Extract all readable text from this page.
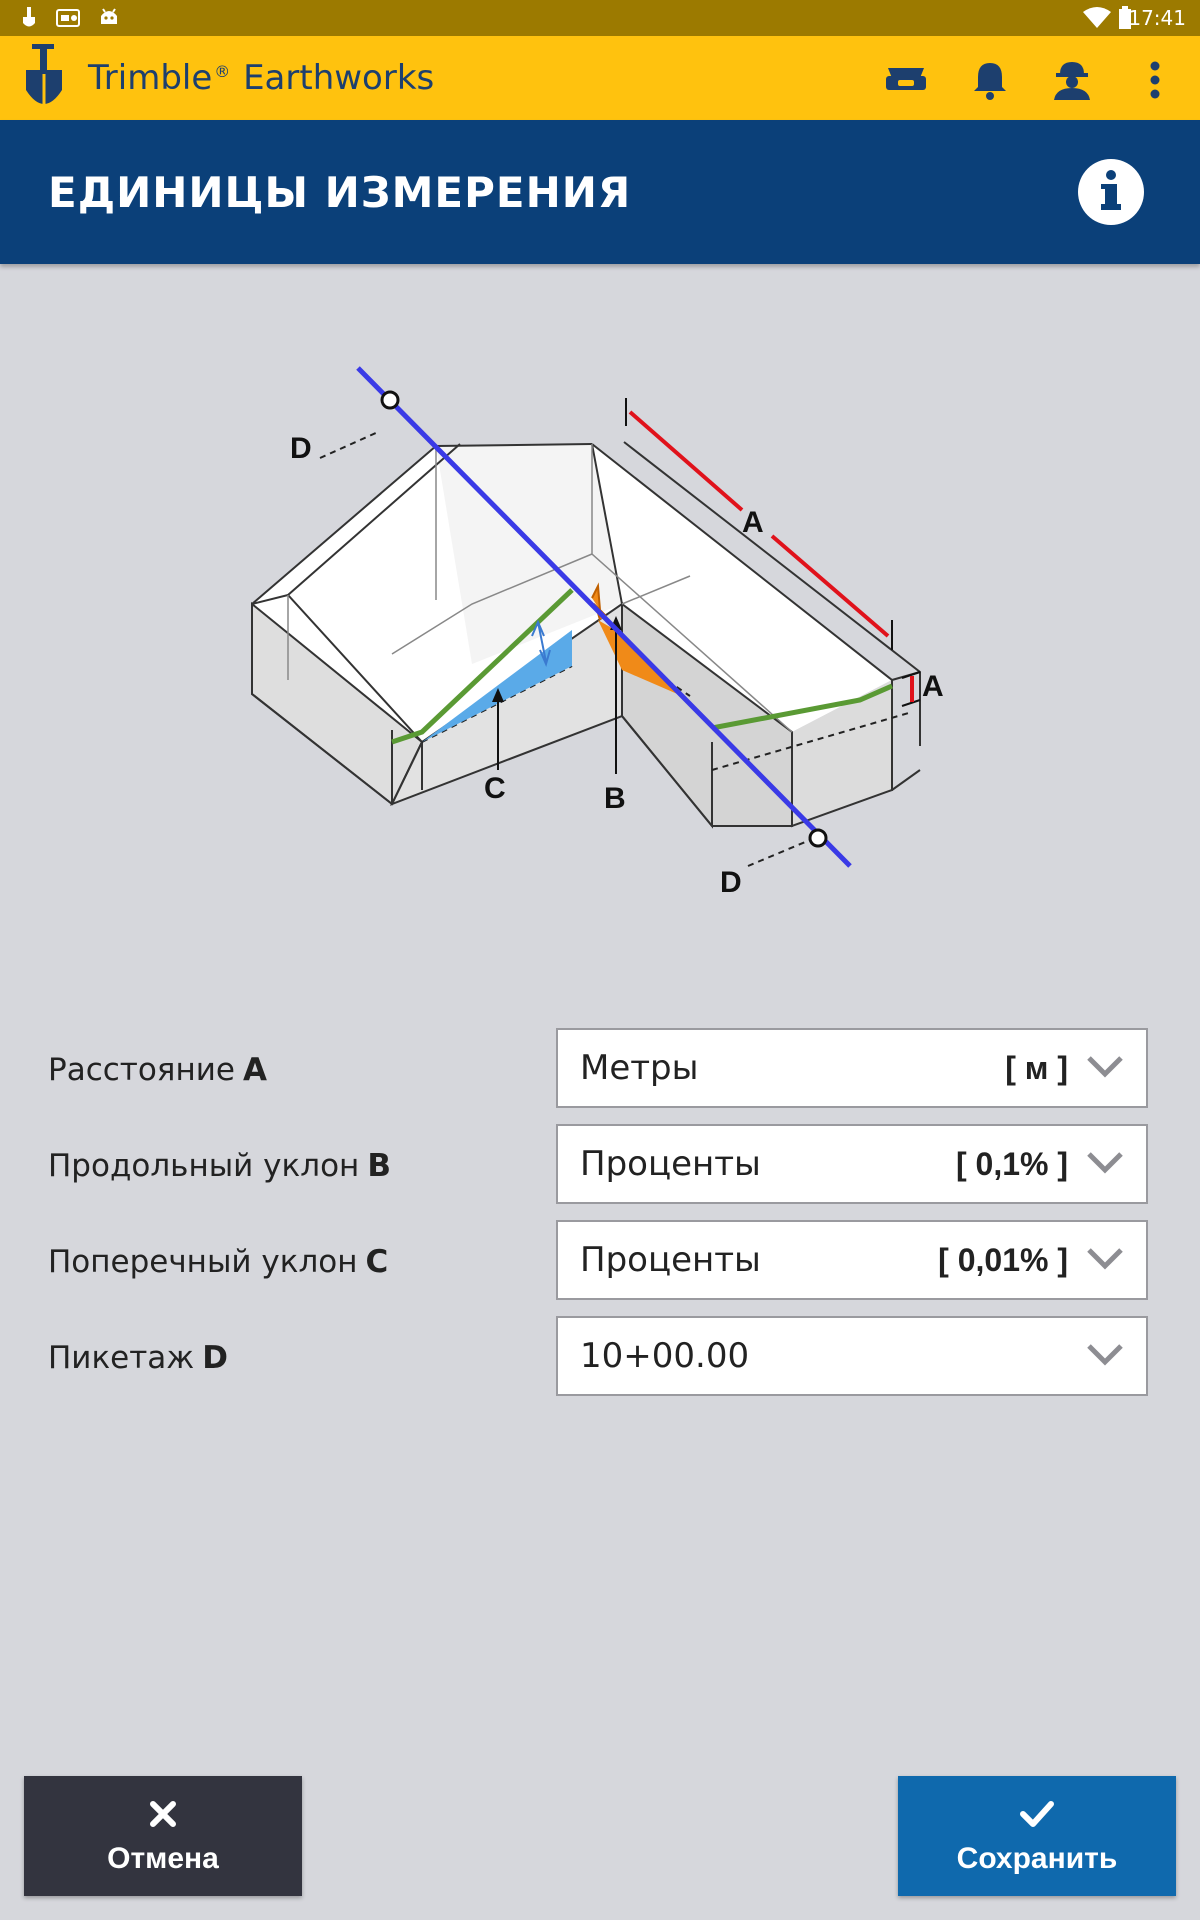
17:41
Trimble ® Earthworks
ЕДИНИЦЫ ИЗМЕРЕНИЯ
A
A
B
C
D
D
Расстояние A	Метры	[ м ]
Продольный уклон B	Проценты	[ 0,1% ]
Поперечный уклон C	Проценты	[ 0,01% ]
Пикетаж D	10+00.00
Отмена	Сохранить
